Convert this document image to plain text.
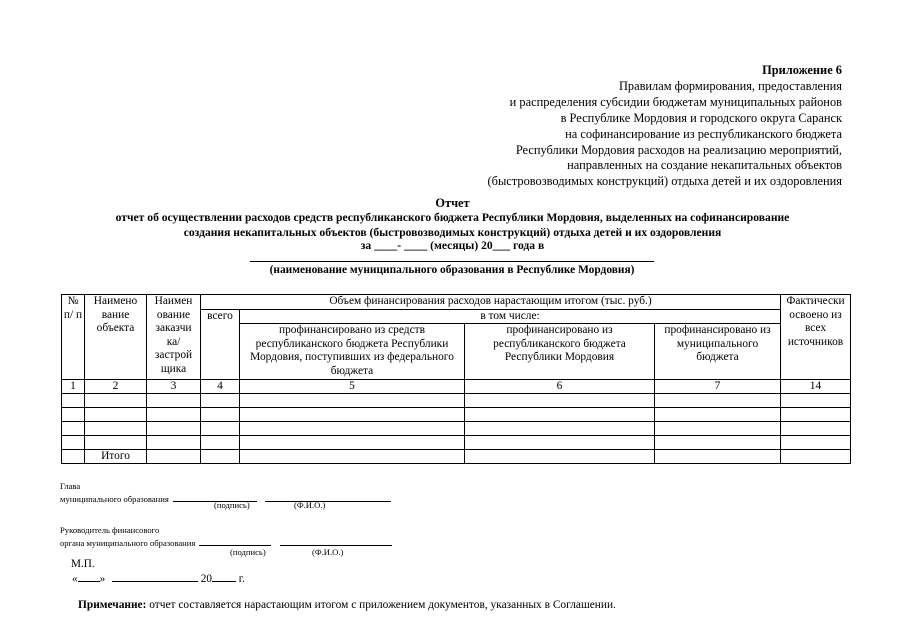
Приложение 6
Правилам формирования, предоставления
и распределения субсидии бюджетам муниципальных районов
в Республике Мордовия и городского округа Саранск
на софинансирование из республиканского бюджета
Республики Мордовия расходов на реализацию мероприятий,
направленных на создание некапитальных объектов
(быстровозводимых конструкций) отдыха детей и их оздоровления
Отчет
отчет об осуществлении расходов средств республиканского бюджета Республики Мордовия, выделенных на софинансирование
создания некапитальных объектов (быстровозводимых конструкций) отдыха детей и их оздоровления
за ____- ____ (месяцы) 20___ года в
(наименование муниципального образования в Республике Мордовия)
№ п/ п	Наимено вание объекта	Наимен ование заказчи ка/ застрой щика	Объем финансирования расходов нарастающим итогом (тыс. руб.)				Фактически освоено из всех источников
			всего	в том числе:			
				профинансировано из средств республиканского бюджета Республики Мордовия, поступивших из федерального бюджета	профинансировано из республиканского бюджета Республики Мордовия	профинансировано из муниципального бюджета	
1	2	3	4	5	6	7	14

	Итого						
Глава
муниципального образования
(подпись)	(Ф.И.О.)
Руководитель финансового
органа муниципального образования
(подпись)	(Ф.И.О.)
М.П.
« »	20 г.
Примечание: отчет составляется нарастающим итогом с приложением документов, указанных в Соглашении.
